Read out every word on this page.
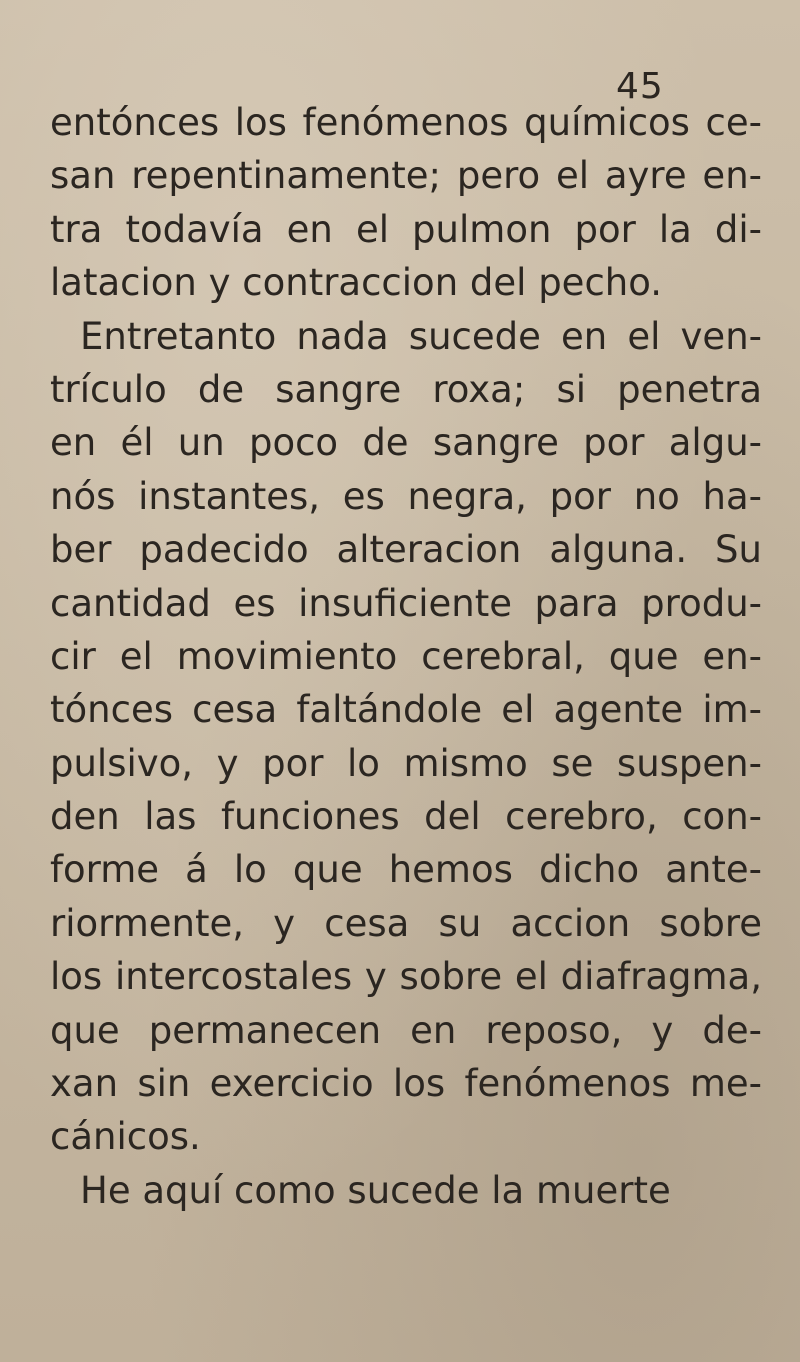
45
entónces los fenómenos químicos ce-
san repentinamente; pero el ayre en-
tra todavía en el pulmon por la di-
latacion y contraccion del pecho.
Entretanto nada sucede en el ven-
trículo de sangre roxa; si penetra
en él un poco de sangre por algu-
nós instantes, es negra, por no ha-
ber padecido alteracion alguna. Su
cantidad es insuficiente para produ-
cir el movimiento cerebral, que en-
tónces cesa faltándole el agente im-
pulsivo, y por lo mismo se suspen-
den las funciones del cerebro, con-
forme á lo que hemos dicho ante-
riormente, y cesa su accion sobre
los intercostales y sobre el diafragma,
que permanecen en reposo, y de-
xan sin exercicio los fenómenos me-
cánicos.
He aquí como sucede la muerte
